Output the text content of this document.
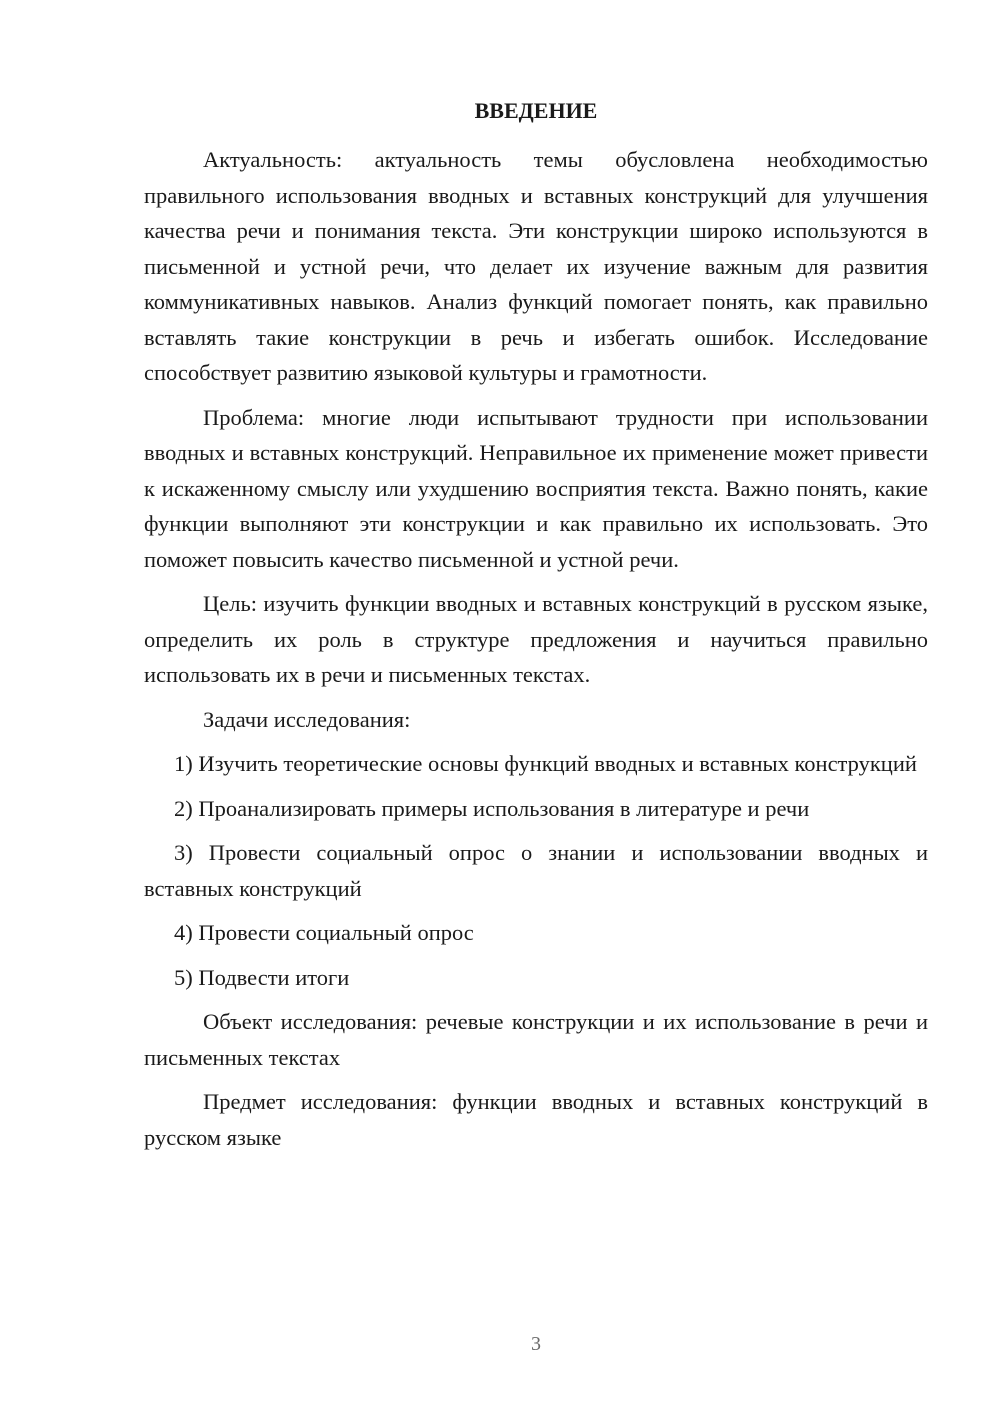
ВВЕДЕНИЕ

Актуальность: актуальность темы обусловлена необходимостью правильного использования вводных и вставных конструкций для улучшения качества речи и понимания текста. Эти конструкции широко используются в письменной и устной речи, что делает их изучение важным для развития коммуникативных навыков. Анализ функций помогает понять, как правильно вставлять такие конструкции в речь и избегать ошибок. Исследование способствует развитию языковой культуры и грамотности.

Проблема: многие люди испытывают трудности при использовании вводных и вставных конструкций. Неправильное их применение может привести к искаженному смыслу или ухудшению восприятия текста. Важно понять, какие функции выполняют эти конструкции и как правильно их использовать. Это поможет повысить качество письменной и устной речи.

Цель: изучить функции вводных и вставных конструкций в русском языке, определить их роль в структуре предложения и научиться правильно использовать их в речи и письменных текстах.

Задачи исследования:

1) Изучить теоретические основы функций вводных и вставных конструкций

2) Проанализировать примеры использования в литературе и речи

3) Провести социальный опрос о знании и использовании вводных и вставных конструкций

4) Провести социальный опрос

5) Подвести итоги

Объект исследования: речевые конструкции и их использование в речи и письменных текстах

Предмет исследования: функции вводных и вставных конструкций в русском языке

3
